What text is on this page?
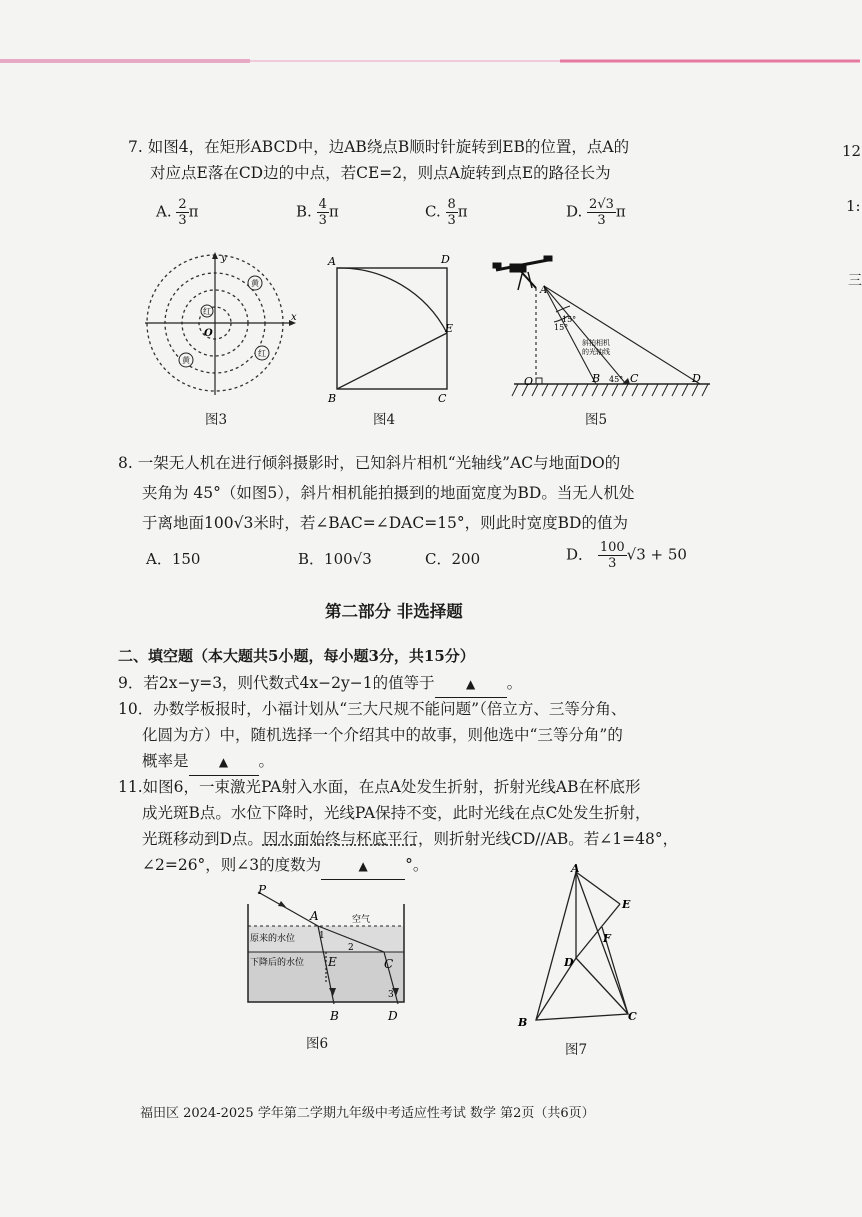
12
1:
三
7. 如图4，在矩形ABCD中，边AB绕点B顺时针旋转到EB的位置，点A的
对应点E落在CD边的中点，若CE=2，则点A旋转到点E的路径长为
A. $\frac{2}{3}$ π	B. $\frac{4}{3}$ π	C. $\frac{8}{3}$ π	D. $\frac{2√3}{3}$ π
y
x
O
黄
红
黄
红
图3
A	D
E
B	C
图4
A
O	B	C	D
15°
15°
斜拍相机
的光轴线
45°
图5
8. 一架无人机在进行倾斜摄影时，已知斜片相机“光轴线”AC与地面DO的
夹角为 45°（如图5），斜片相机能拍摄到的地面宽度为BD。当无人机处
于离地面100√3米时，若∠BAC=∠DAC=15°，则此时宽度BD的值为
A．150	B．100√3	C．200	D． $\frac{100}{3} √3 + 50$
第二部分 非选择题
二、填空题（本大题共5小题，每小题3分，共15分）
9．若2x−y=3，则代数式4x−2y−1的值等于	▲ 。
10．办数学板报时，小福计划从“三大尺规不能问题”（倍立方、三等分角、
化圆为方）中，随机选择一个介绍其中的故事，则他选中“三等分角”的
概率是	▲ 。
11.如图6，一束激光PA射入水面，在点A处发生折射，折射光线AB在杯底形
成光斑B点。水位下降时，光线PA保持不变，此时光线在点C处发生折射，
光斑移动到D点。因水面始终与杯底平行，则折射光线CD//AB。若∠1=48°，
∠2=26°，则∠3的度数为	▲ °。
P
A
E	C
B	D
空气
原来的水位
下降后的水位
1
2
3
图6
A
E
F
D
B	C
图7
福田区 2024-2025 学年第二学期九年级中考适应性考试 数学 第2页（共6页）
